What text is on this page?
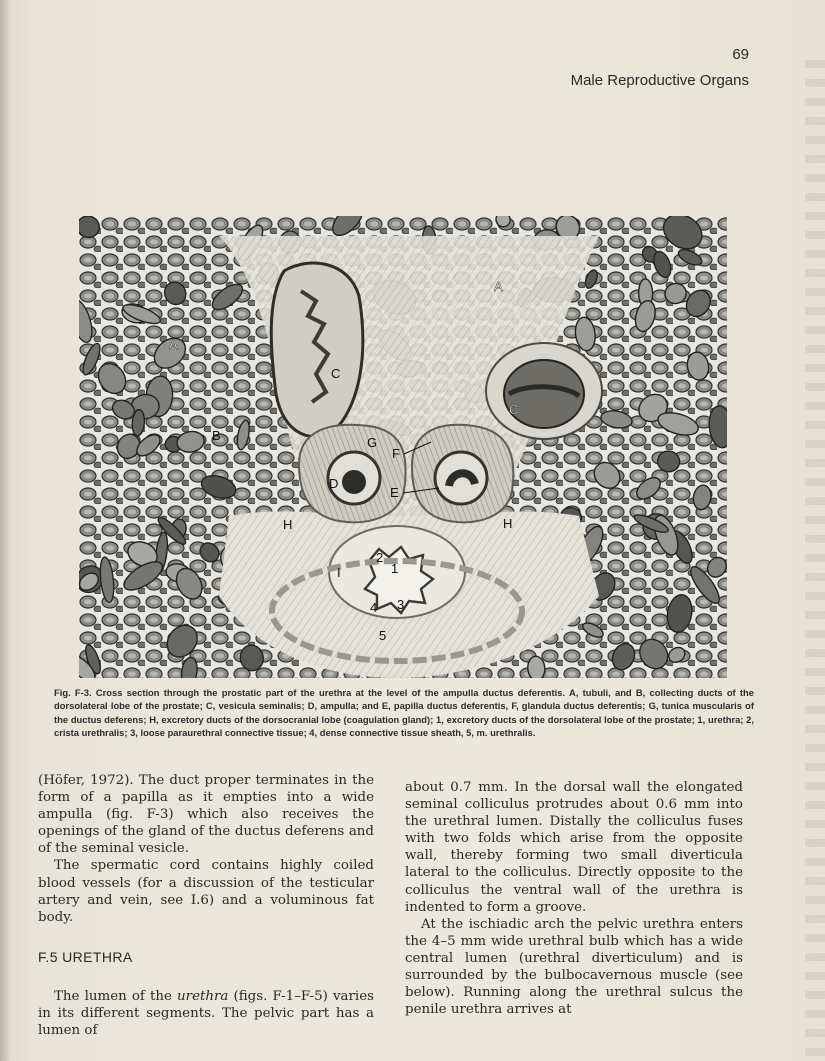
69
Male Reproductive Organs
A
A
B
C
C
D
E
F
G
H	H
2
1
3
4
5
I
Fig. F-3. Cross section through the prostatic part of the urethra at the level of the ampulla ductus deferentis. A, tubuli, and B, collecting ducts of the dorsolateral lobe of the prostate; C, vesicula seminalis; D, ampulla; and E, papilla ductus deferentis, F, glandula ductus deferentis; G, tunica muscularis of the ductus deferens; H, excretory ducts of the dorsocranial lobe (coagulation gland); 1, excretory ducts of the dorsolateral lobe of the prostate; 1, urethra; 2, crista urethralis; 3, loose paraurethral connective tissue; 4, dense connective tissue sheath, 5, m. urethralis.

(Höfer, 1972). The duct proper terminates in the form of a papilla as it empties into a wide ampulla (fig. F-3) which also receives the openings of the gland of the ductus deferens and of the seminal vesicle.

The spermatic cord contains highly coiled blood vessels (for a discussion of the testicular artery and vein, see I.6) and a voluminous fat body.

F.5 URETHRA

The lumen of the urethra (figs. F-1–F-5) varies in its different segments. The pelvic part has a lumen of

about 0.7 mm. In the dorsal wall the elongated seminal colliculus protrudes about 0.6 mm into the urethral lumen. Distally the colliculus fuses with two folds which arise from the opposite wall, thereby forming two small diverticula lateral to the colliculus. Directly opposite to the colliculus the ventral wall of the urethra is indented to form a groove.

At the ischiadic arch the pelvic urethra enters the 4–5 mm wide urethral bulb which has a wide central lumen (urethral diverticulum) and is surrounded by the bulbocavernous muscle (see below). Running along the urethral sulcus the penile urethra arrives at
